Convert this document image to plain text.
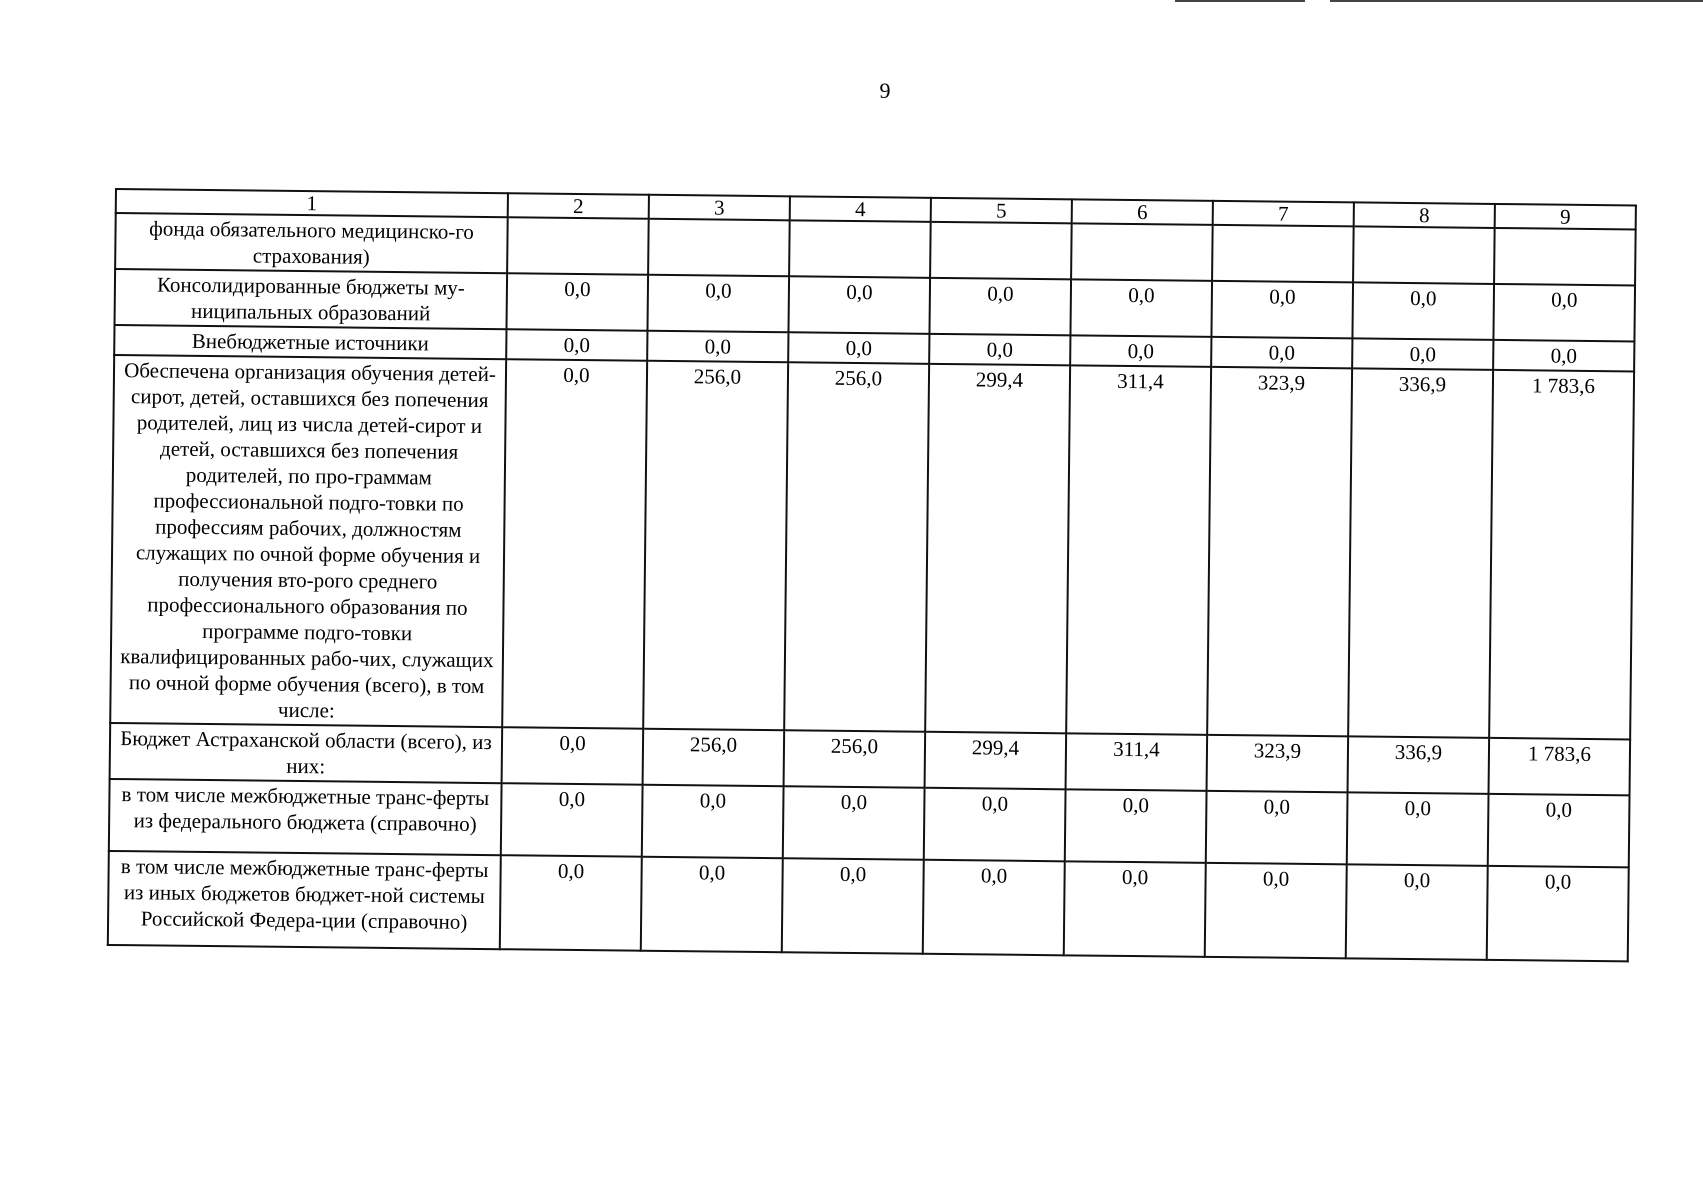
9
1	2	3	4	5	6	7	8	9
фонда обязательного медицинско-го страхования)								
Консолидированные бюджеты му-ниципальных образований	0,0	0,0	0,0	0,0	0,0	0,0	0,0	0,0
Внебюджетные источники	0,0	0,0	0,0	0,0	0,0	0,0	0,0	0,0
Обеспечена организация обучения детей-сирот, детей, оставшихся без попечения родителей, лиц из числа детей-сирот и детей, оставшихся без попечения родителей, по про-граммам профессиональной подго-товки по профессиям рабочих, должностям служащих по очной форме обучения и получения вто-рого среднего профессионального образования по программе подго-товки квалифицированных рабо-чих, служащих по очной форме обучения (всего), в том числе:	0,0	256,0	256,0	299,4	311,4	323,9	336,9	1 783,6
Бюджет Астраханской области (всего), из них:	0,0	256,0	256,0	299,4	311,4	323,9	336,9	1 783,6
в том числе межбюджетные транс-ферты из федерального бюджета (справочно)	0,0	0,0	0,0	0,0	0,0	0,0	0,0	0,0
в том числе межбюджетные транс-ферты из иных бюджетов бюджет-ной системы Российской Федера-ции (справочно)	0,0	0,0	0,0	0,0	0,0	0,0	0,0	0,0
